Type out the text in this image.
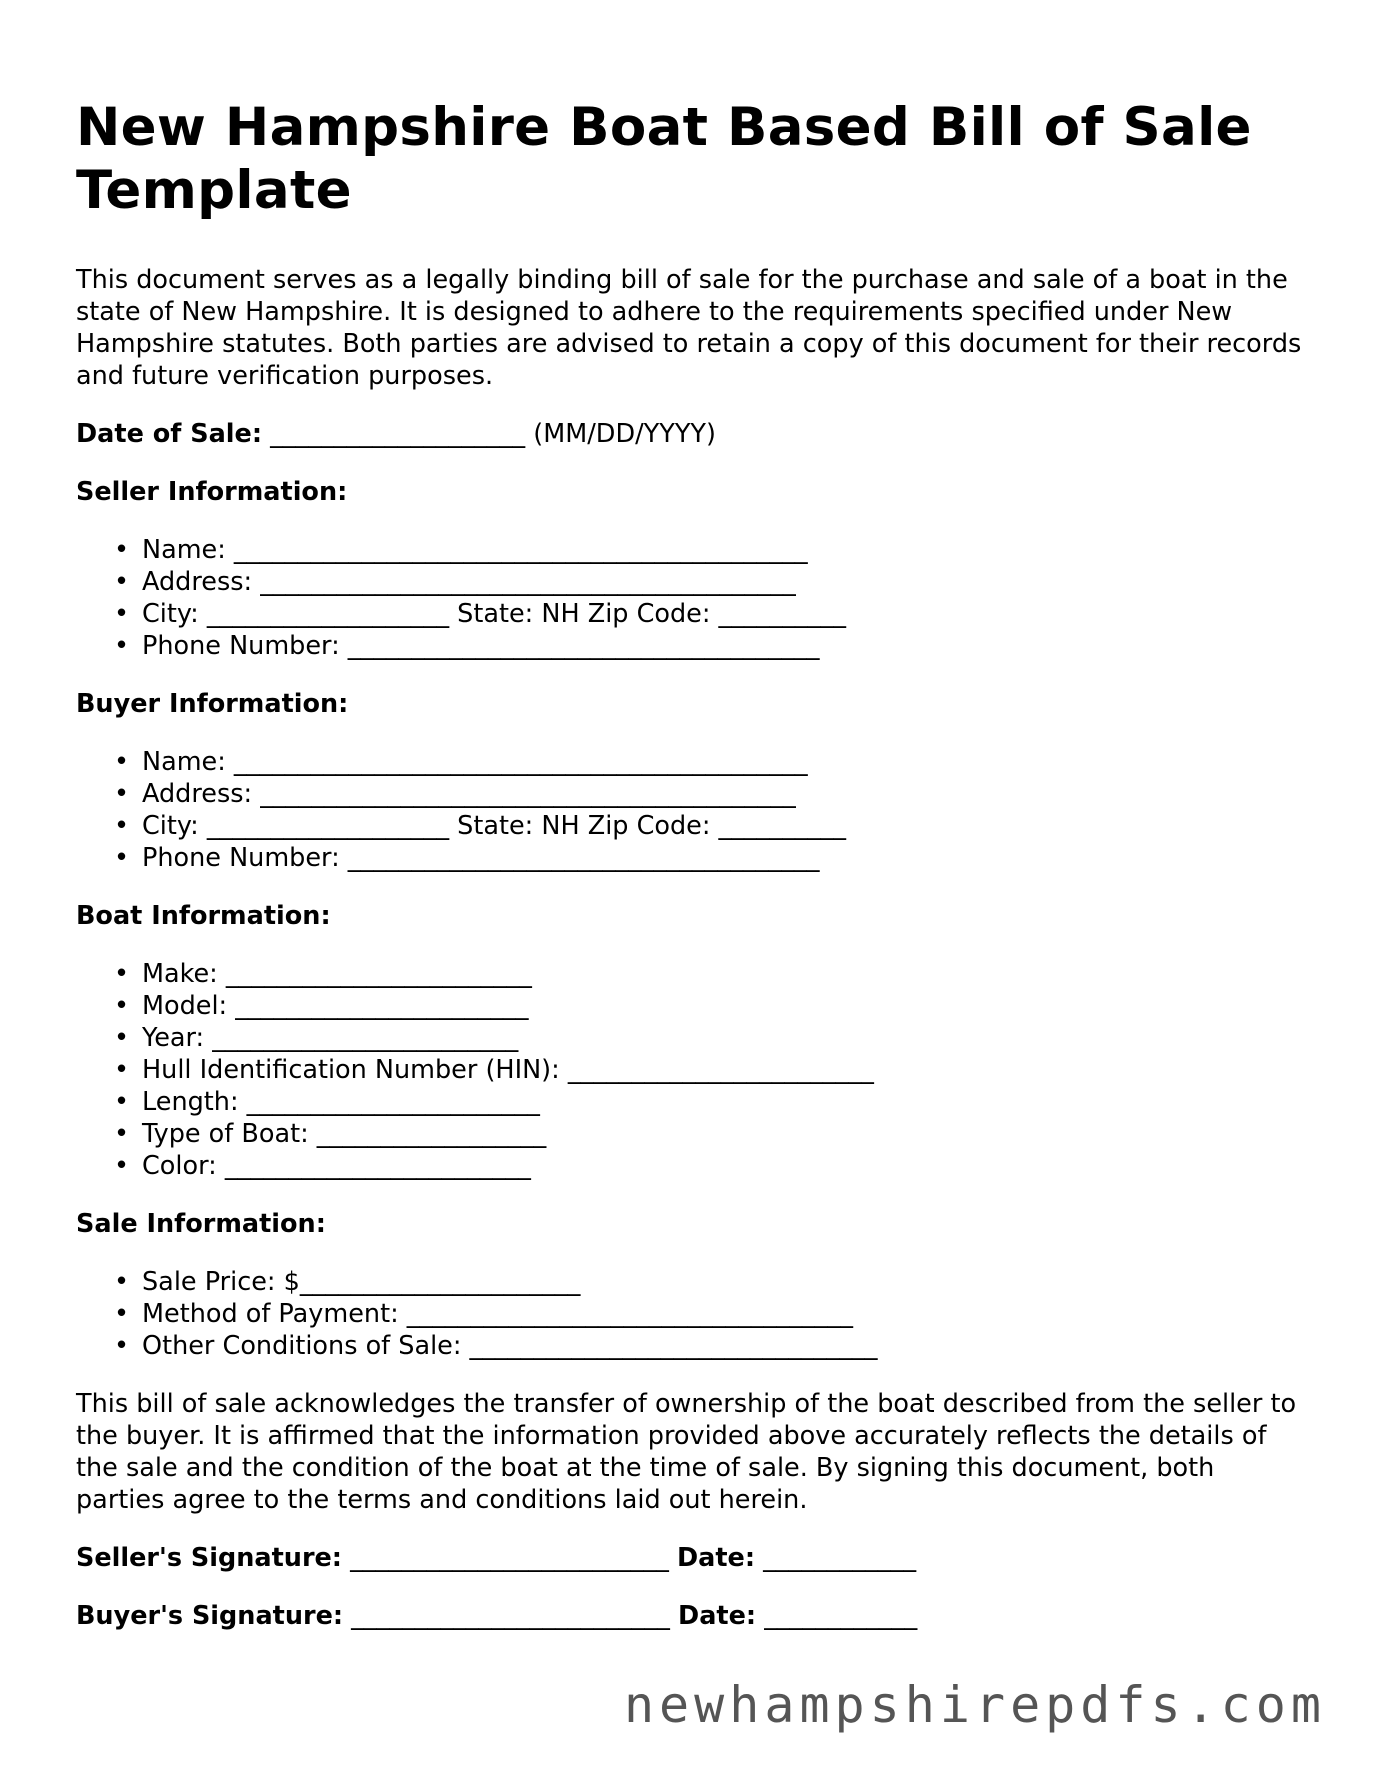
New Hampshire Boat Based Bill of Sale Template

This document serves as a legally binding bill of sale for the purchase and sale of a boat in the state of New Hampshire. It is designed to adhere to the requirements specified under New Hampshire statutes. Both parties are advised to retain a copy of this document for their records and future verification purposes.

Date of Sale: ____________________ (MM/DD/YYYY)
Seller Information:
• Name: _____________________________________________
• Address: __________________________________________
• City: ___________________ State: NH Zip Code: __________
• Phone Number: _____________________________________
Buyer Information:
• Name: _____________________________________________
• Address: __________________________________________
• City: ___________________ State: NH Zip Code: __________
• Phone Number: _____________________________________
Boat Information:
• Make: ________________________
• Model: _______________________
• Year: ________________________
• Hull Identification Number (HIN): ________________________
• Length: _______________________
• Type of Boat: __________________
• Color: ________________________
Sale Information:
• Sale Price: $______________________
• Method of Payment: ___________________________________
• Other Conditions of Sale: ________________________________

This bill of sale acknowledges the transfer of ownership of the boat described from the seller to the buyer. It is affirmed that the information provided above accurately reflects the details of the sale and the condition of the boat at the time of sale. By signing this document, both parties agree to the terms and conditions laid out herein.

Seller's Signature: _________________________ Date: ____________
Buyer's Signature: _________________________ Date: ____________
newhampshirepdfs.com
